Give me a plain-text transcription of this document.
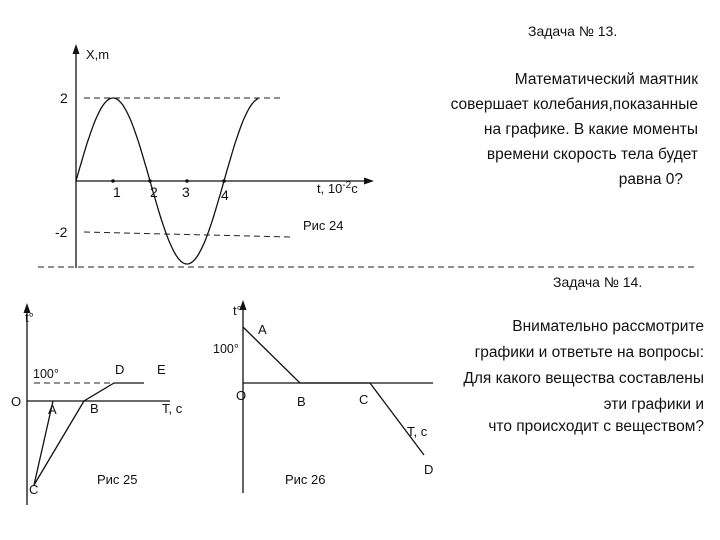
Задача № 13.
X,m
2
-2
1 2 3 4	t, $10^{-2}c$
Рис 24
Математический маятник
совершает колебания,показанные
на графике. В какие моменты
времени скорость тела будет
равна 0?
Задача № 14.
t°
100°
O
A	B
C
D	E
T, c
Рис 25
t°
A
100°
O	B	C
T, c
D
Рис 26
Внимательно рассмотрите
графики и ответьте на вопросы:
Для какого вещества составлены
эти графики и
что происходит с веществом?
